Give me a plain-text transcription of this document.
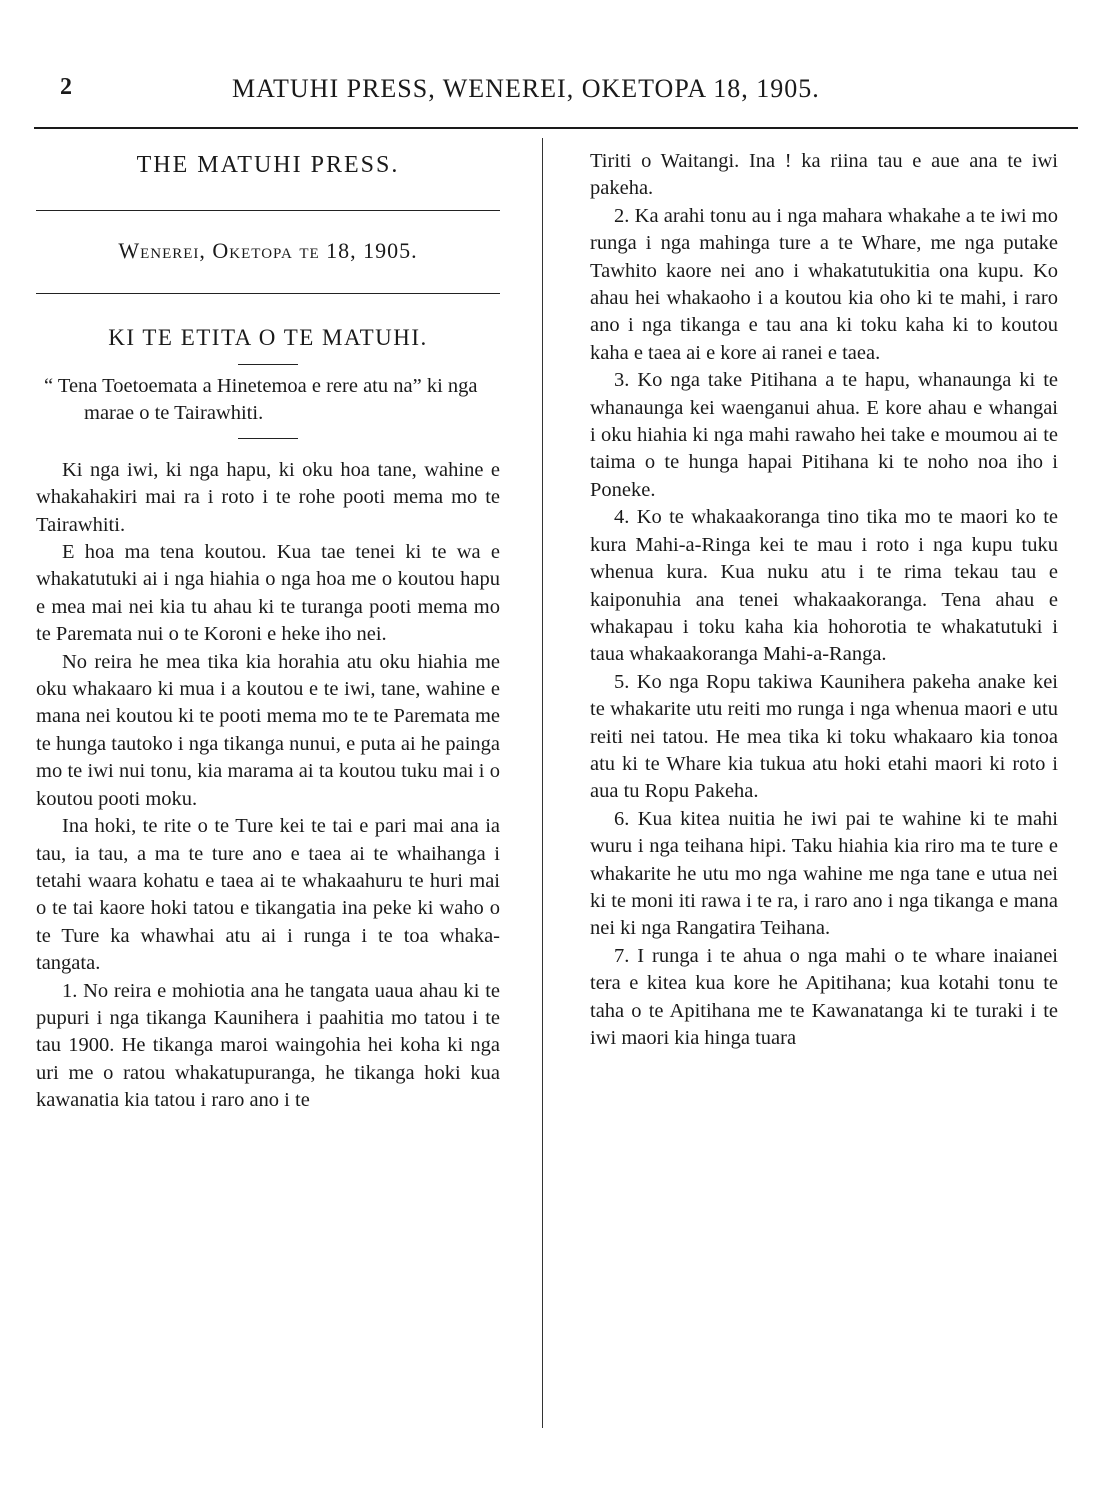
2	MATUHI PRESS, WENEREI, OKETOPA 18, 1905.
THE MATUHI PRESS.
Wenerei, Oketopa te 18, 1905.
KI TE ETITA O TE MATUHI.

“ Tena Toetoemata a Hinetemoa e rere atu na” ki nga marae o te Tairawhiti.

Ki nga iwi, ki nga hapu, ki oku hoa tane, wahine e whakahakiri mai ra i roto i te rohe pooti mema mo te Tairawhiti.

E hoa ma tena koutou. Kua tae tenei ki te wa e whakatutuki ai i nga hiahia o nga hoa me o koutou hapu e mea mai nei kia tu ahau ki te turanga pooti mema mo te Paremata nui o te Koroni e heke iho nei.

No reira he mea tika kia horahia atu oku hiahia me oku whakaaro ki mua i a koutou e te iwi, tane, wahine e mana nei koutou ki te pooti mema mo te te Paremata me te hunga tautoko i nga tikanga nunui, e puta ai he painga mo te iwi nui tonu, kia marama ai ta koutou tuku mai i o koutou pooti moku.

Ina hoki, te rite o te Ture kei te tai e pari mai ana ia tau, ia tau, a ma te ture ano e taea ai te whaihanga i tetahi waara kohatu e taea ai te whakaahuru te huri mai o te tai kaore hoki tatou e tikangatia ina peke ki waho o te Ture ka whawhai atu ai i runga i te toa whaka-tangata.

1. No reira e mohiotia ana he tangata uaua ahau ki te pupuri i nga tikanga Kaunihera i paahitia mo tatou i te tau 1900. He tikanga maroi waingohia hei koha ki nga uri me o ratou whakatupuranga, he tikanga hoki kua kawanatia kia tatou i raro ano i te

Tiriti o Waitangi. Ina ! ka riina tau e aue ana te iwi pakeha.

2. Ka arahi tonu au i nga mahara whakahe a te iwi mo runga i nga mahinga ture a te Whare, me nga putake Tawhito kaore nei ano i whakatutukitia ona kupu. Ko ahau hei whakaoho i a koutou kia oho ki te mahi, i raro ano i nga tikanga e tau ana ki toku kaha ki to koutou kaha e taea ai e kore ai ranei e taea.

3. Ko nga take Pitihana a te hapu, whanaunga ki te whanaunga kei waenganui ahua. E kore ahau e whangai i oku hiahia ki nga mahi rawaho hei take e moumou ai te taima o te hunga hapai Pitihana ki te noho noa iho i Poneke.

4. Ko te whakaakoranga tino tika mo te maori ko te kura Mahi-a-Ringa kei te mau i roto i nga kupu tuku whenua kura. Kua nuku atu i te rima tekau tau e kaiponuhia ana tenei whakaakoranga. Tena ahau e whakapau i toku kaha kia hohorotia te whakatutuki i taua whakaakoranga Mahi-a-Ranga.

5. Ko nga Ropu takiwa Kaunihera pakeha anake kei te whakarite utu reiti mo runga i nga whenua maori e utu reiti nei tatou. He mea tika ki toku whakaaro kia tonoa atu ki te Whare kia tukua atu hoki etahi maori ki roto i aua tu Ropu Pakeha.

6. Kua kitea nuitia he iwi pai te wahine ki te mahi wuru i nga teihana hipi. Taku hiahia kia riro ma te ture e whakarite he utu mo nga wahine me nga tane e utua nei ki te moni iti rawa i te ra, i raro ano i nga tikanga e mana nei ki nga Rangatira Teihana.

7. I runga i te ahua o nga mahi o te whare inaianei tera e kitea kua kore he Apitihana; kua kotahi tonu te taha o te Apitihana me te Kawanatanga ki te turaki i te iwi maori kia hinga tuara
